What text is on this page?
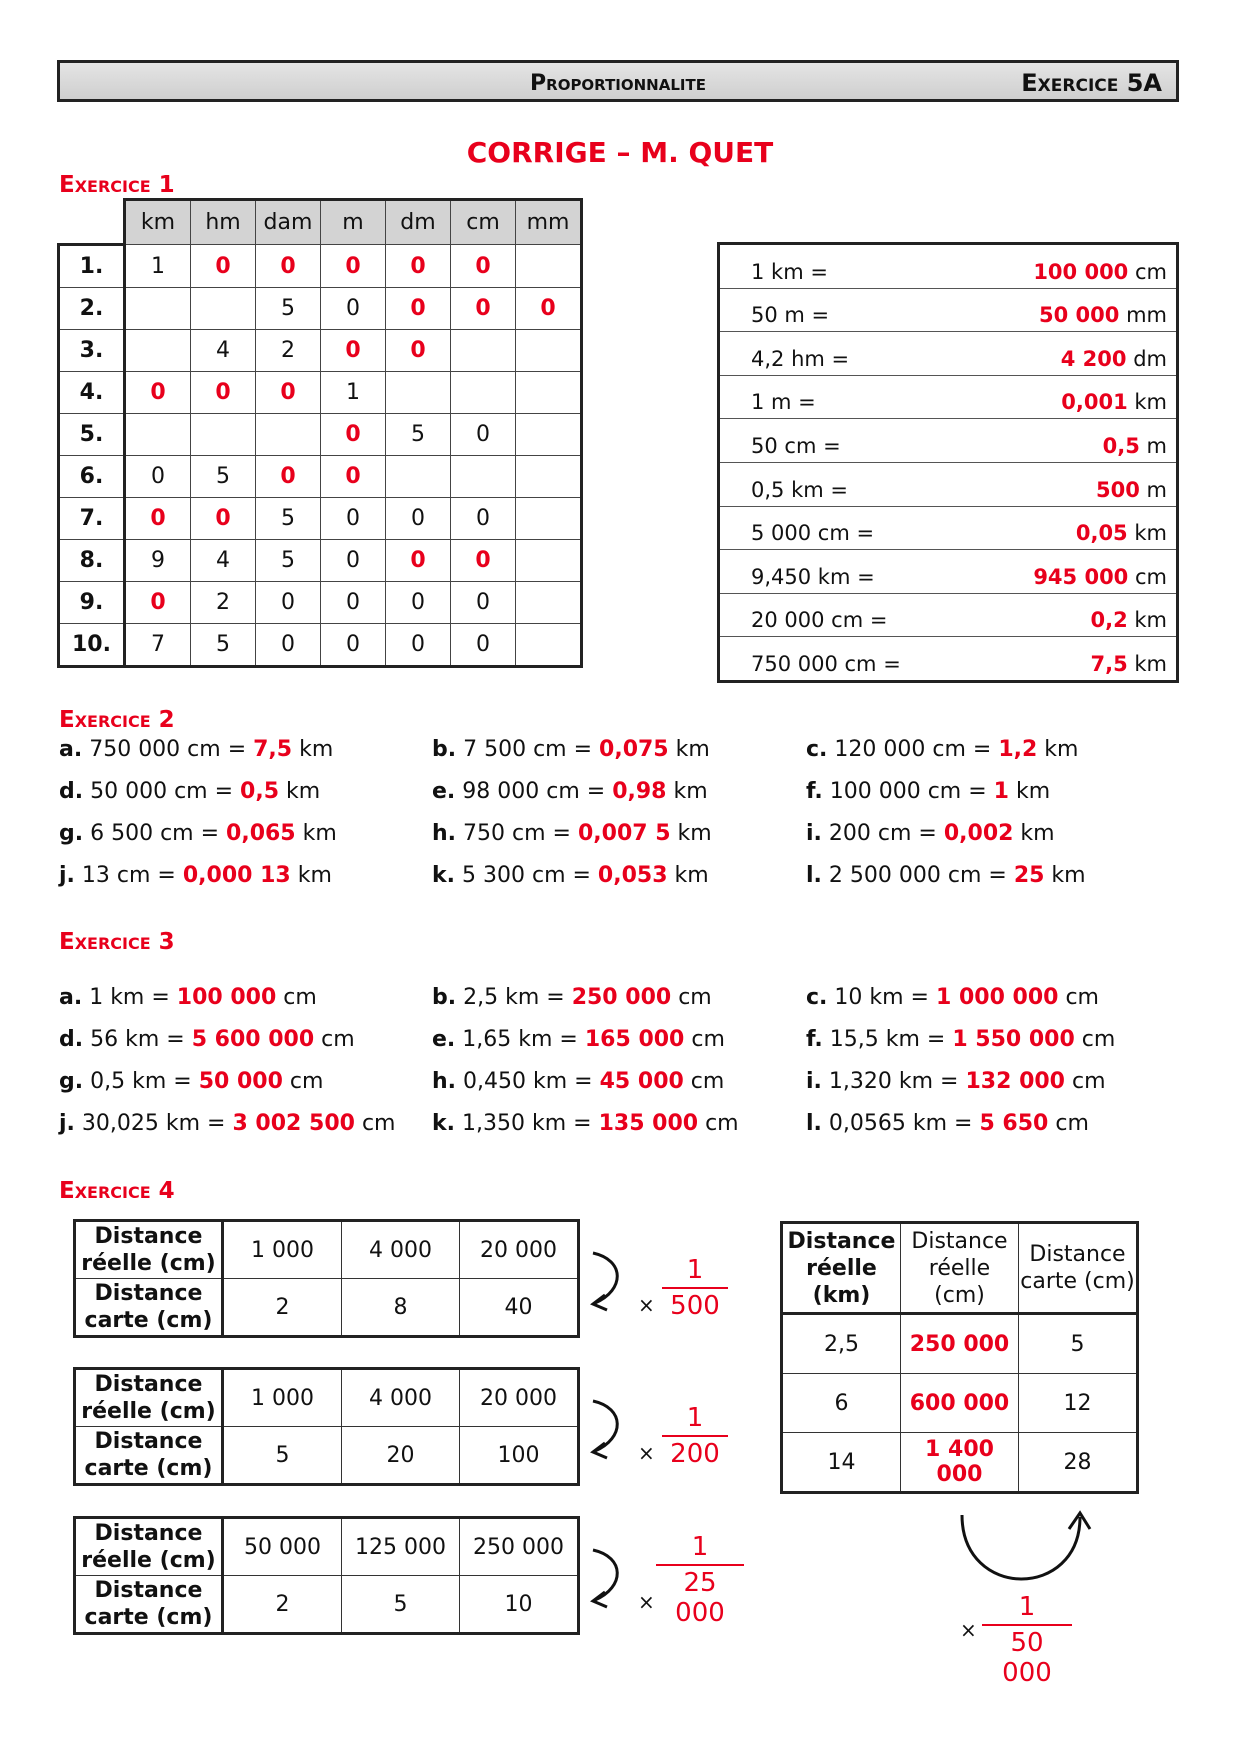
Proportionnalite	Exercice 5A
CORRIGE – M. QUET
Exercice 1
	km	hm	dam	m	dm	cm	mm
1.	1	0	0	0	0	0	
2.			5	0	0	0	0
3.		4	2	0	0		
4.	0	0	0	1			
5.				0	5	0	
6.	0	5	0	0			
7.	0	0	5	0	0	0	
8.	9	4	5	0	0	0	
9.	0	2	0	0	0	0	
10.	7	5	0	0	0	0	
1 km =	100 000 cm
50 m =	50 000 mm
4,2 hm =	4 200 dm
1 m =	0,001 km
50 cm =	0,5 m
0,5 km =	500 m
5 000 cm =	0,05 km
9,450 km =	945 000 cm
20 000 cm =	0,2 km
750 000 cm =	7,5 km
Exercice 2
a. 750 000 cm = 7,5 km	b. 7 500 cm = 0,075 km	c. 120 000 cm = 1,2 km
d. 50 000 cm = 0,5 km	e. 98 000 cm = 0,98 km	f. 100 000 cm = 1 km
g. 6 500 cm = 0,065 km	h. 750 cm = 0,007 5 km	i. 200 cm = 0,002 km
j. 13 cm = 0,000 13 km	k. 5 300 cm = 0,053 km	l. 2 500 000 cm = 25 km
Exercice 3
a. 1 km = 100 000 cm	b. 2,5 km = 250 000 cm	c. 10 km = 1 000 000 cm
d. 56 km = 5 600 000 cm	e. 1,65 km = 165 000 cm	f. 15,5 km = 1 550 000 cm
g. 0,5 km = 50 000 cm	h. 0,450 km = 45 000 cm	i. 1,320 km = 132 000 cm
j. 30,025 km = 3 002 500 cm k. 1,350 km = 135 000 cm	l. 0,0565 km = 5 650 cm
Exercice 4
Distance réelle (cm)	1 000	4 000	20 000
Distance carte (cm)	2	8	40	× $\frac{1}{500}$
Distance réelle (cm)	1 000	4 000	20 000
Distance carte (cm)	5	20	100	× $\frac{1}{200}$
Distance réelle (cm)	50 000	125 000	250 000
Distance carte (cm)	2	5	10	× $\frac{1}{25 000}$
Distance réelle (km)	Distance réelle (cm)	Distance carte (cm)
2,5	250 000	5
6	600 000	12
14	1 400 000	28
× $\frac{1}{50 000}$
